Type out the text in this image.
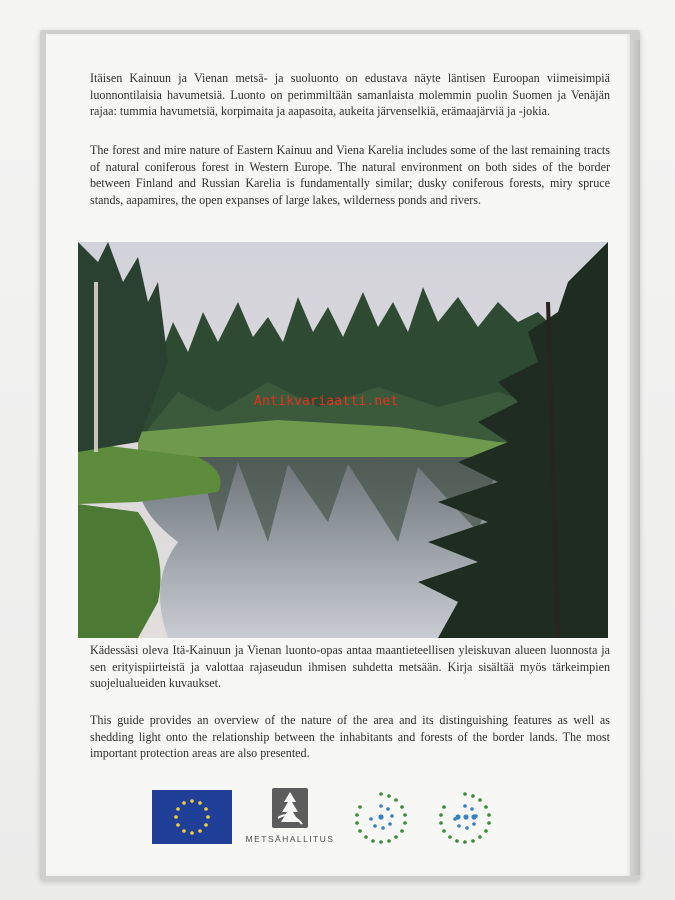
Itäisen Kainuun ja Vienan metsä- ja suoluonto on edustava näyte läntisen Euroopan viimeisimpiä luonnontilaisia havumetsiä. Luonto on perimmiltään samanlaista molemmin puolin Suomen ja Venäjän rajaa: tummia havumetsiä, korpimaita ja aapasoita, aukeita järvenselkiä, erämaajärviä ja -jokia.

The forest and mire nature of Eastern Kainuu and Viena Karelia includes some of the last remaining tracts of natural coniferous forest in Western Europe. The natural environment on both sides of the border between Finland and Russian Karelia is fundamentally similar; dusky coniferous forests, miry spruce stands, aapamires, the open expanses of large lakes, wilderness ponds and rivers.

Antikvariaatti.net

Kädessäsi oleva Itä-Kainuun ja Vienan luonto-opas antaa maantieteellisen yleiskuvan alueen luonnosta ja sen erityispiirteistä ja valottaa rajaseudun ihmisen suhdetta metsään. Kirja sisältää myös tärkeimpien suojelualueiden kuvaukset.

This guide provides an overview of the nature of the area and its distinguishing features as well as shedding light onto the relationship between the inhabitants and forests of the border lands. The most important protection areas are also presented.

METSÄHALLITUS
